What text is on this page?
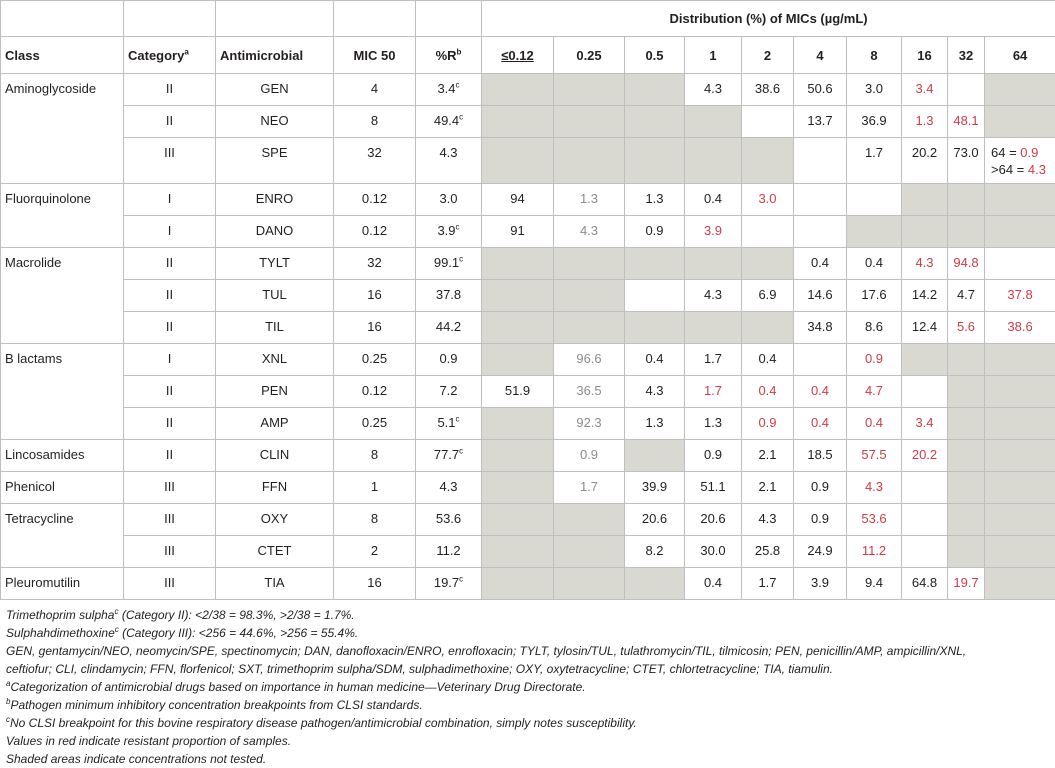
					Distribution (%) of MICs (µg/mL)									
Class	Category$^a$	Antimicrobial	MIC 50	$\%R^b$	≤0.12	0.25	0.5	1	2	4	8	16	32	64
Aminoglycoside	II	GEN	4	3.4$^c$				4.3	38.6	50.6	3.0	3.4		
	II	NEO	8	49.4$^c$						13.7	36.9	1.3	48.1	
	III	SPE	32	4.3							1.7	20.2	73.0	64 = 0.9
>64 = 4.3

Fluorquinolone	I	ENRO	0.12	3.0	94	1.3	1.3	0.4	3.0					
	I	DANO	0.12	3.9$^c$	91	4.3	0.9	3.9						
Macrolide	II	TYLT	32	99.1$^c$						0.4	0.4	4.3	94.8	
	II	TUL	16	37.8				4.3	6.9	14.6	17.6	14.2	4.7	37.8
	II	TIL	16	44.2						34.8	8.6	12.4	5.6	38.6
B lactams	I	XNL	0.25	0.9		96.6	0.4	1.7	0.4		0.9			
	II	PEN	0.12	7.2	51.9	36.5	4.3	1.7	0.4	0.4	4.7			
	II	AMP	0.25	5.1$^c$		92.3	1.3	1.3	0.9	0.4	0.4	3.4		
Lincosamides	II	CLIN	8	77.7$^c$		0.9		0.9	2.1	18.5	57.5	20.2		
Phenicol	III	FFN	1	4.3		1.7	39.9	51.1	2.1	0.9	4.3			
Tetracycline	III	OXY	8	53.6			20.6	20.6	4.3	0.9	53.6			
	III	CTET	2	11.2			8.2	30.0	25.8	24.9	11.2			
Pleuromutilin	III	TIA	16	19.7$^c$				0.4	1.7	3.9	9.4	64.8	19.7	
Trimethoprim sulpha$^c$ (Category II): <2/38 = 98.3%, >2/38 = 1.7%.
Sulphahdimethoxine$^c$ (Category III): <256 = 44.6%, >256 = 55.4%.
GEN, gentamycin/NEO, neomycin/SPE, spectinomycin; DAN, danofloxacin/ENRO, enrofloxacin; TYLT, tylosin/TUL, tulathromycin/TIL, tilmicosin; PEN, penicillin/AMP, ampicillin/XNL,
ceftiofur; CLI, clindamycin; FFN, florfenicol; SXT, trimethoprim sulpha/SDM, sulphadimethoxine; OXY, oxytetracycline; CTET, chlortetracycline; TIA, tiamulin.
$^a$Categorization of antimicrobial drugs based on importance in human medicine—Veterinary Drug Directorate.
$^b$Pathogen minimum inhibitory concentration breakpoints from CLSI standards.
$^c$No CLSI breakpoint for this bovine respiratory disease pathogen/antimicrobial combination, simply notes susceptibility.
Values in red indicate resistant proportion of samples.
Shaded areas indicate concentrations not tested.
